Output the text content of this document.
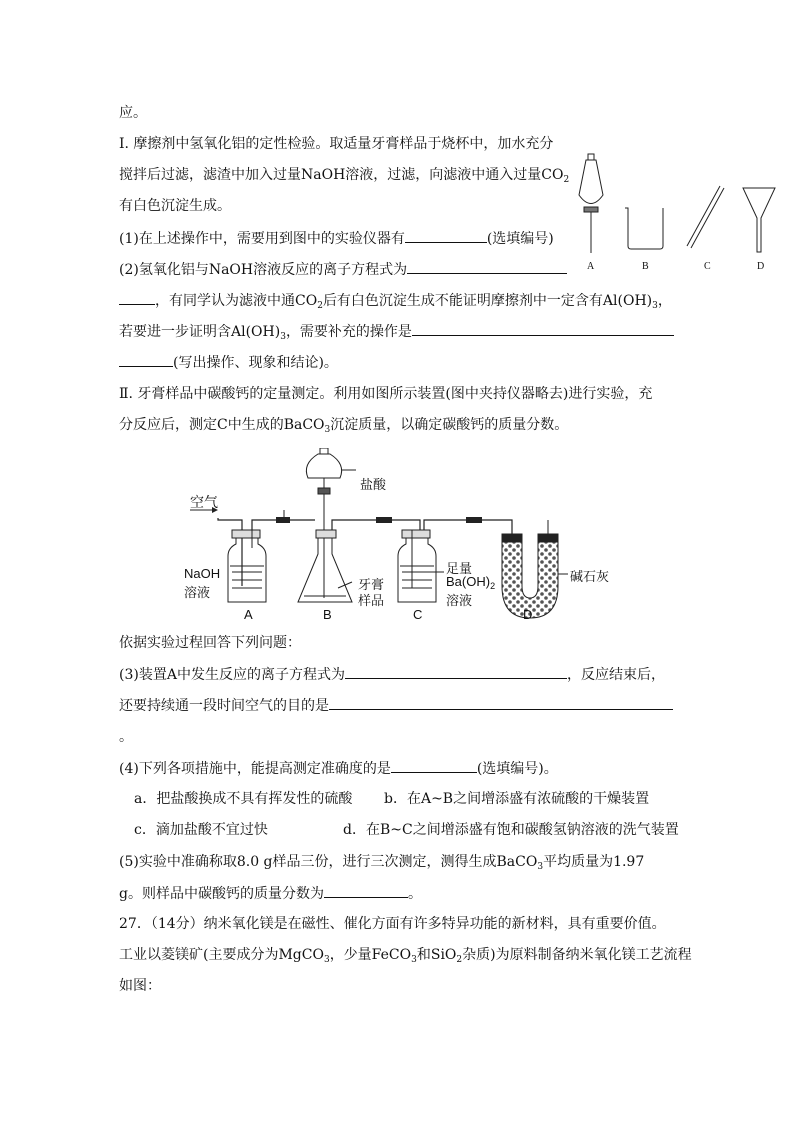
应。
Ⅰ. 摩擦剂中氢氧化铝的定性检验。取适量牙膏样品于烧杯中，加水充分
搅拌后过滤，滤渣中加入过量NaOH溶液，过滤，向滤液中通入过量$CO_2$
有白色沉淀生成。
(1)在上述操作中，需要用到图中的实验仪器有	(选填编号)
(2)氢氧化铝与NaOH溶液反应的离子方程式为
，有同学认为滤液中通$CO_2$后有白色沉淀生成不能证明摩擦剂中一定含有$Al(OH)_3$，
若要进一步证明含$Al(OH)_3$，需要补充的操作是
(写出操作、现象和结论)。
Ⅱ. 牙膏样品中碳酸钙的定量测定。利用如图所示装置(图中夹持仪器略去)进行实验，充
分反应后，测定C中生成的BaCO$_3$沉淀质量，以确定碳酸钙的质量分数。
依据实验过程回答下列问题：
(3)装置A中发生反应的离子方程式为	，反应结束后，
还要持续通一段时间空气的目的是
。
(4)下列各项措施中，能提高测定准确度的是	(选填编号)。
a．把盐酸换成不具有挥发性的硫酸 b．在A~B之间增添盛有浓硫酸的干燥装置
c．滴加盐酸不宜过快	d．在B~C之间增添盛有饱和碳酸氢钠溶液的洗气装置
(5)实验中准确称取8.0 g样品三份，进行三次测定，测得生成BaCO$_3$平均质量为1.97
g。则样品中碳酸钙的质量分数为	。
27．（14分）纳米氧化镁是在磁性、催化方面有许多特异功能的新材料，具有重要价值。
工业以菱镁矿(主要成分为MgCO$_3$，少量FeCO$_3$和SiO$_2$杂质)为原料制备纳米氧化镁工艺流程
如图：
A	B	C	D
空气
盐酸
NaOH
溶液
牙膏
样品
足量
$Ba(OH)_2$
溶液
碱石灰
A	B	C	D
